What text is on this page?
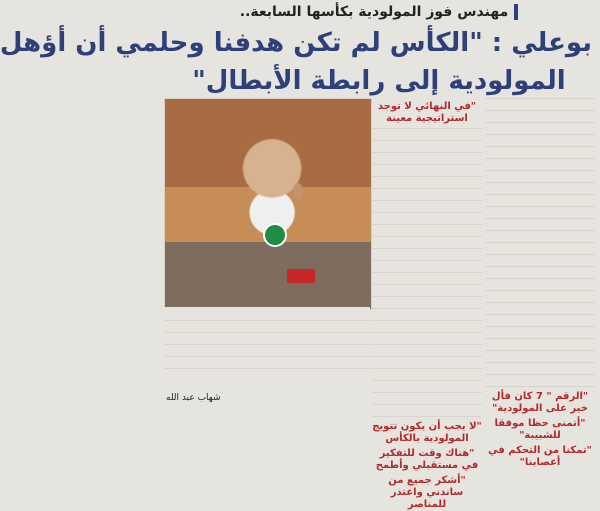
مهندس فوز المولودية بكأسها السابعة..
بوعلي : "الكأس لم تكن هدفنا وحلمي أن أؤهل
المولودية إلى رابطة الأبطال"
"الرقم " 7 كان فأل خير على المولودية"
"أتمنى حظا موفقا للشبيبة"
"تمكنا من التحكم في أعصابنا"
"في النهائي لا توجد استراتيجية معينة
"لا يجب أن يكون تتويج المولودية بالكأس
"هناك وقت للتفكير في مستقبلي وأطمح
"أشكر جميع من ساندني واعتذر للمناصر
شهاب عبد الله
